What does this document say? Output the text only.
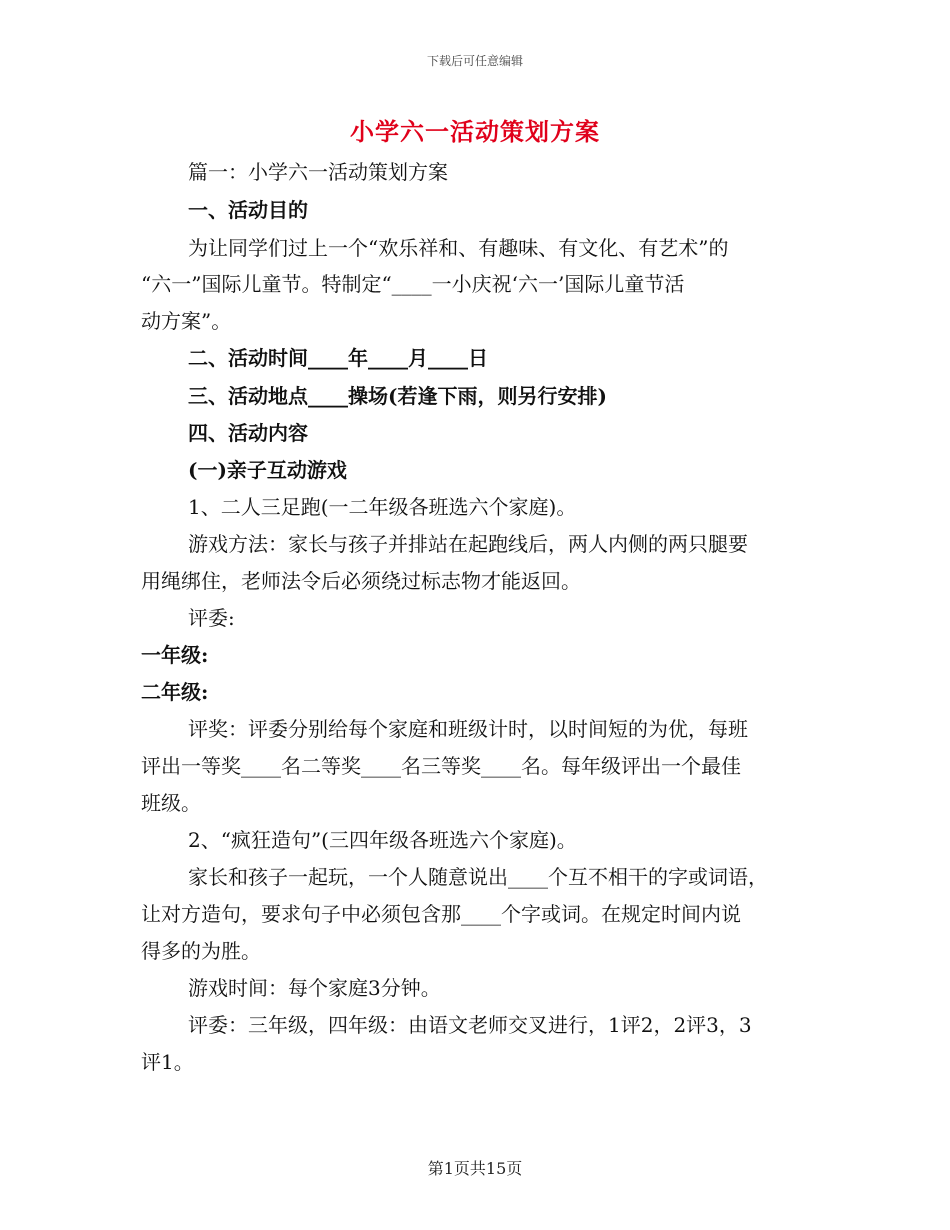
下载后可任意编辑
小学六一活动策划方案
篇一：小学六一活动策划方案
一、活动目的
为让同学们过上一个“欢乐祥和、有趣味、有文化、有艺术”的
“六一”国际儿童节。特制定“____一小庆祝‘六一’国际儿童节活
动方案”。
二、活动时间____年____月____日
三、活动地点____操场(若逢下雨，则另行安排)
四、活动内容
(一)亲子互动游戏
1、二人三足跑(一二年级各班选六个家庭)。
游戏方法：家长与孩子并排站在起跑线后，两人内侧的两只腿要
用绳绑住，老师法令后必须绕过标志物才能返回。
评委:
一年级:
二年级:
评奖：评委分别给每个家庭和班级计时，以时间短的为优，每班
评出一等奖____名二等奖____名三等奖____名。每年级评出一个最佳
班级。
2、“疯狂造句”(三四年级各班选六个家庭)。
家长和孩子一起玩，一个人随意说出____个互不相干的字或词语，
让对方造句，要求句子中必须包含那____个字或词。在规定时间内说
得多的为胜。
游戏时间：每个家庭3分钟。
评委：三年级，四年级：由语文老师交叉进行，1评2，2评3，3
评1。
第1页共15页
